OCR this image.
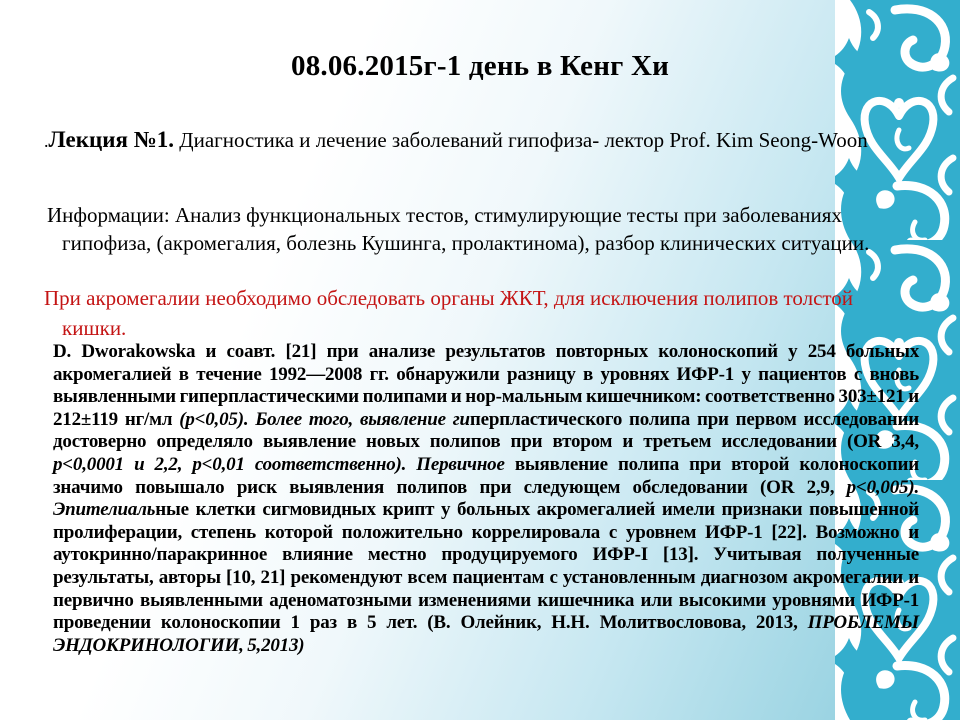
08.06.2015г-1 день в Кенг Хи

.Лекция №1. Диагностика и лечение заболеваний гипофиза- лектор Prof. Kim Seong-Woon

Информации: Анализ функциональных тестов, стимулирующие тесты при заболеваниях гипофиза, (акромегалия, болезнь Кушинга, пролактинома), разбор клинических ситуации.

При акромегалии необходимо обследовать органы ЖКТ, для исключения полипов толстой кишки.

D. Dworakowska и соавт. [21] при анализе результатов повторных колоноскопий у 254 больных акромегалией в течение 1992—2008 гг. обнаружили разницу в уровнях ИФР-1 у пациентов с вновь выявленными гиперпластическими полипами и нор-мальным кишечником: соответственно 303±121 и 212±119 нг/мл (р<0,05). Более того, выявление гиперпластического полипа при первом исследовании достоверно определяло выявление новых полипов при втором и третьем исследовании (OR 3,4, р<0,0001 и 2,2, р<0,01 соответственно). Первичное выявление полипа при второй колоноскопии значимо повышало риск выявления полипов при следующем обследовании (OR 2,9, р<0,005). Эпителиальные клетки сигмовидных крипт у больных акромегалией имели признаки повышенной пролиферации, степень которой положительно коррелировала с уровнем ИФР-1 [22]. Возможно и аутокринно/паракринное влияние местно продуцируемого ИФР-I [13]. Учитывая полученные результаты, авторы [10, 21] рекомендуют всем пациентам с установленным диагнозом акромегалии и первично выявленными аденоматозными изменениями кишечника или высокими уровнями ИФР-1 проведении колоноскопии 1 раз в 5 лет. (В. Олейник, Н.Н. Молитвословова, 2013, ПРОБЛЕМЫ ЭНДОКРИНОЛОГИИ, 5,2013)
